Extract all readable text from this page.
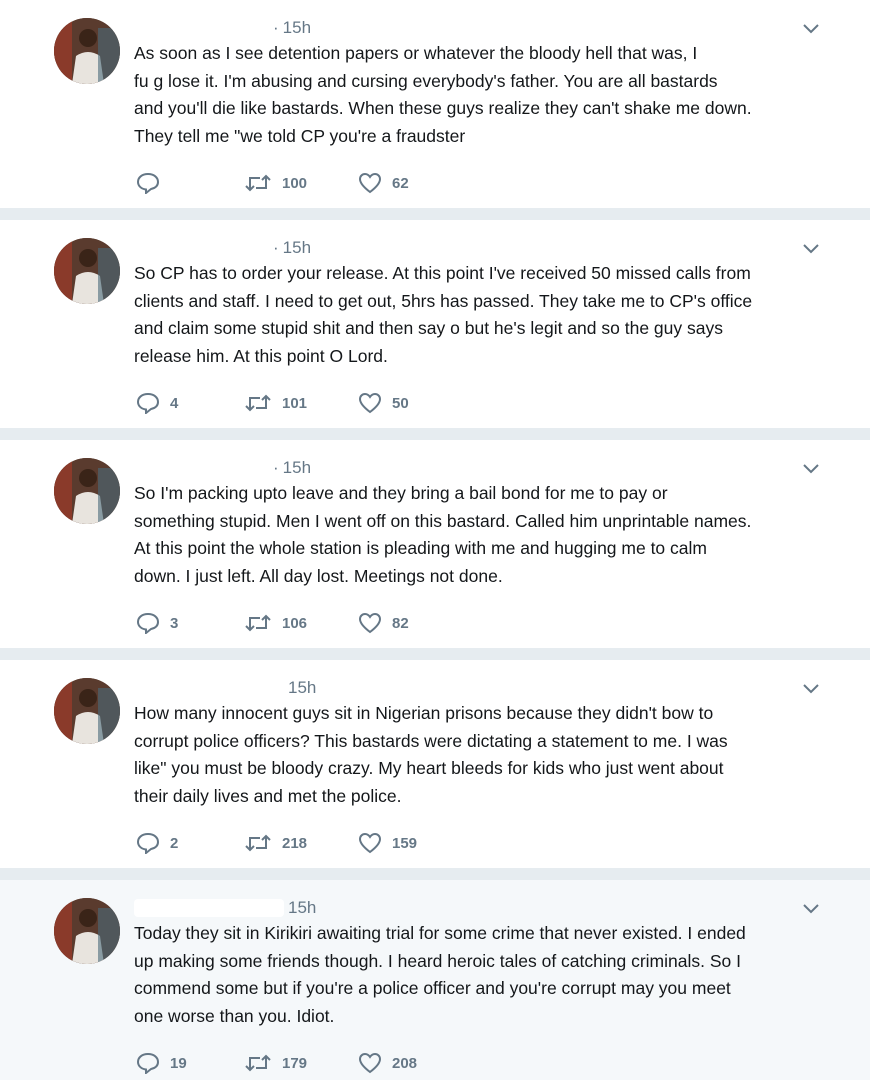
· 15h
As soon as I see detention papers or whatever the bloody hell that was, I
fu g lose it. I'm abusing and cursing everybody's father. You are all bastards
and you'll die like bastards. When these guys realize they can't shake me down.
They tell me "we told CP you're a fraudster
100	62
· 15h
So CP has to order your release. At this point I've received 50 missed calls from
clients and staff. I need to get out, 5hrs has passed. They take me to CP's office
and claim some stupid shit and then say o but he's legit and so the guy says
release him. At this point O Lord.
4	101	50
· 15h
So I'm packing upto leave and they bring a bail bond for me to pay or
something stupid. Men I went off on this bastard. Called him unprintable names.
At this point the whole station is pleading with me and hugging me to calm
down. I just left. All day lost. Meetings not done.
3	106	82
15h
How many innocent guys sit in Nigerian prisons because they didn't bow to
corrupt police officers? This bastards were dictating a statement to me. I was
like" you must be bloody crazy. My heart bleeds for kids who just went about
their daily lives and met the police.
2	218	159
15h
Today they sit in Kirikiri awaiting trial for some crime that never existed. I ended
up making some friends though. I heard heroic tales of catching criminals. So I
commend some but if you're a police officer and you're corrupt may you meet
one worse than you. Idiot.
19	179	208
